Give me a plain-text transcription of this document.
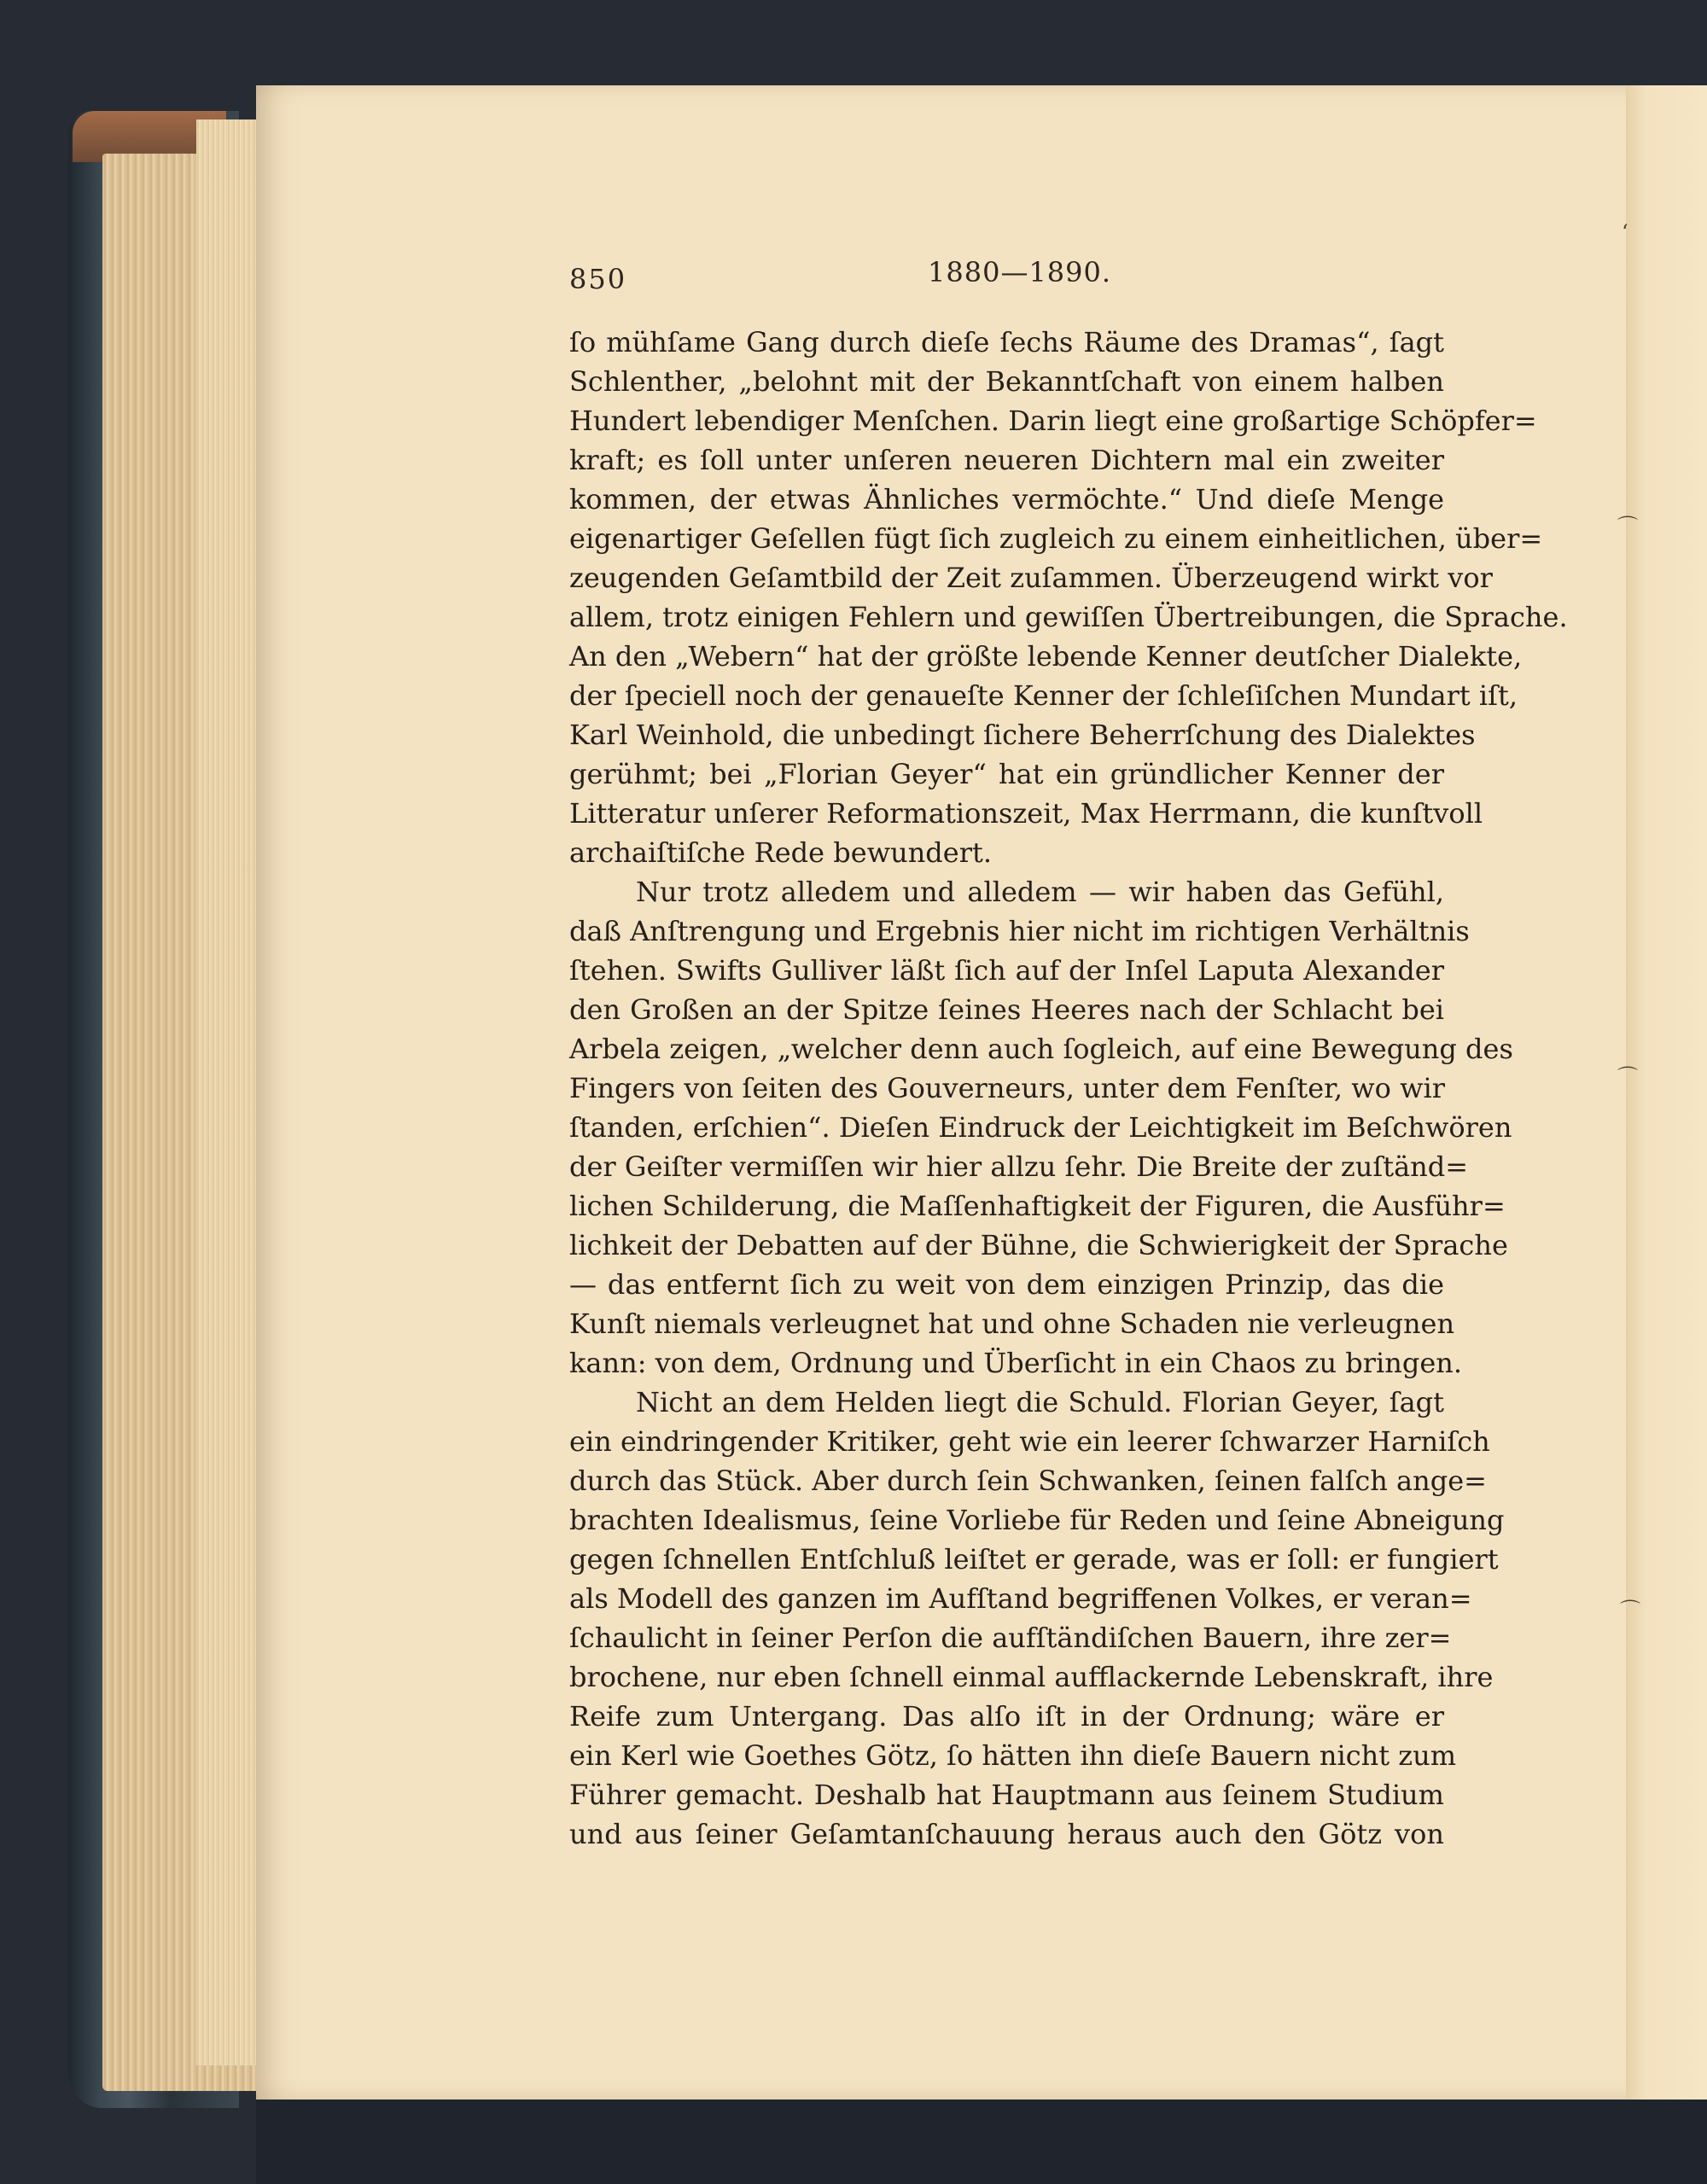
ʻ
⌒
⌒
⌒
850	1880—1890.
ſo mühſame Gang durch dieſe ſechs Räume des Dramas“, ſagt
Schlenther, „belohnt mit der Bekanntſchaft von einem halben
Hundert lebendiger Menſchen. Darin liegt eine großartige Schöpfer=
kraft; es ſoll unter unſeren neueren Dichtern mal ein zweiter
kommen, der etwas Ähnliches vermöchte.“ Und dieſe Menge
eigenartiger Geſellen fügt ſich zugleich zu einem einheitlichen, über=
zeugenden Geſamtbild der Zeit zuſammen. Überzeugend wirkt vor
allem, trotz einigen Fehlern und gewiſſen Übertreibungen, die Sprache.
An den „Webern“ hat der größte lebende Kenner deutſcher Dialekte,
der ſpeciell noch der genaueſte Kenner der ſchleſiſchen Mundart iſt,
Karl Weinhold, die unbedingt ſichere Beherrſchung des Dialektes
gerühmt; bei „Florian Geyer“ hat ein gründlicher Kenner der
Litteratur unſerer Reformationszeit, Max Herrmann, die kunſtvoll
archaiſtiſche Rede bewundert.
Nur trotz alledem und alledem — wir haben das Gefühl,
daß Anſtrengung und Ergebnis hier nicht im richtigen Verhältnis
ſtehen. Swifts Gulliver läßt ſich auf der Inſel Laputa Alexander
den Großen an der Spitze ſeines Heeres nach der Schlacht bei
Arbela zeigen, „welcher denn auch ſogleich, auf eine Bewegung des
Fingers von ſeiten des Gouverneurs, unter dem Fenſter, wo wir
ſtanden, erſchien“. Dieſen Eindruck der Leichtigkeit im Beſchwören
der Geiſter vermiſſen wir hier allzu ſehr. Die Breite der zuſtänd=
lichen Schilderung, die Maſſenhaftigkeit der Figuren, die Ausführ=
lichkeit der Debatten auf der Bühne, die Schwierigkeit der Sprache
— das entfernt ſich zu weit von dem einzigen Prinzip, das die
Kunſt niemals verleugnet hat und ohne Schaden nie verleugnen
kann: von dem, Ordnung und Überſicht in ein Chaos zu bringen.
Nicht an dem Helden liegt die Schuld. Florian Geyer, ſagt
ein eindringender Kritiker, geht wie ein leerer ſchwarzer Harniſch
durch das Stück. Aber durch ſein Schwanken, ſeinen falſch ange=
brachten Idealismus, ſeine Vorliebe für Reden und ſeine Abneigung
gegen ſchnellen Entſchluß leiſtet er gerade, was er ſoll: er fungiert
als Modell des ganzen im Aufſtand begriffenen Volkes, er veran=
ſchaulicht in ſeiner Perſon die aufſtändiſchen Bauern, ihre zer=
brochene, nur eben ſchnell einmal aufflackernde Lebenskraft, ihre
Reife zum Untergang. Das alſo iſt in der Ordnung; wäre er
ein Kerl wie Goethes Götz, ſo hätten ihn dieſe Bauern nicht zum
Führer gemacht. Deshalb hat Hauptmann aus ſeinem Studium
und aus ſeiner Geſamtanſchauung heraus auch den Götz von
